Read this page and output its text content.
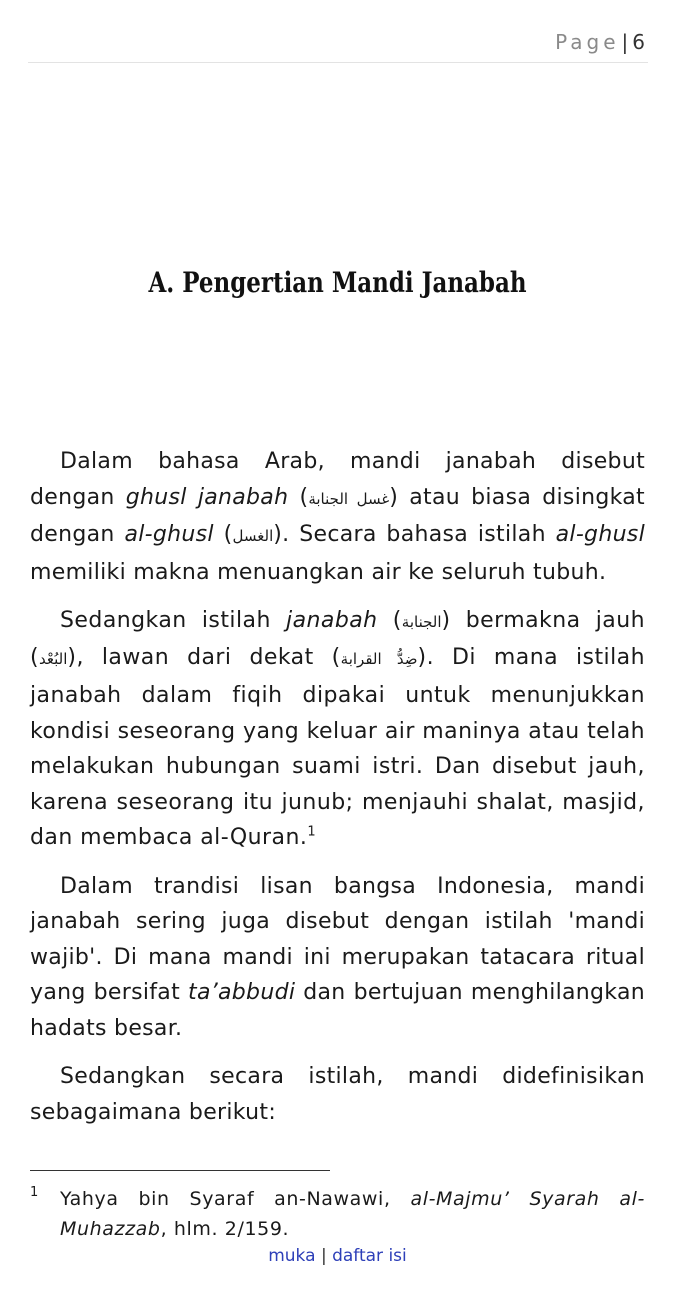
Page | 6
A. Pengertian Mandi Janabah

Dalam bahasa Arab, mandi janabah disebut dengan ghusl janabah (غسل الجنابة) atau biasa disingkat dengan al-ghusl (الغسل). Secara bahasa istilah al-ghusl memiliki makna menuangkan air ke seluruh tubuh.

Sedangkan istilah janabah (الجنابة) bermakna jauh (البُعْد), lawan dari dekat (ضِدُّ القرابة). Di mana istilah janabah dalam fiqih dipakai untuk menunjukkan kondisi seseorang yang keluar air maninya atau telah melakukan hubungan suami istri. Dan disebut jauh, karena seseorang itu junub; menjauhi shalat, masjid, dan membaca al-Quran.$^1$

Dalam trandisi lisan bangsa Indonesia, mandi janabah sering juga disebut dengan istilah 'mandi wajib'. Di mana mandi ini merupakan tatacara ritual yang bersifat ta’abbudi dan bertujuan menghilangkan hadats besar.

Sedangkan secara istilah, mandi didefinisikan sebagaimana berikut:

1	Yahya bin Syaraf an-Nawawi, al-Majmu’ Syarah al-Muhazzab, hlm. 2/159.
muka | daftar isi
